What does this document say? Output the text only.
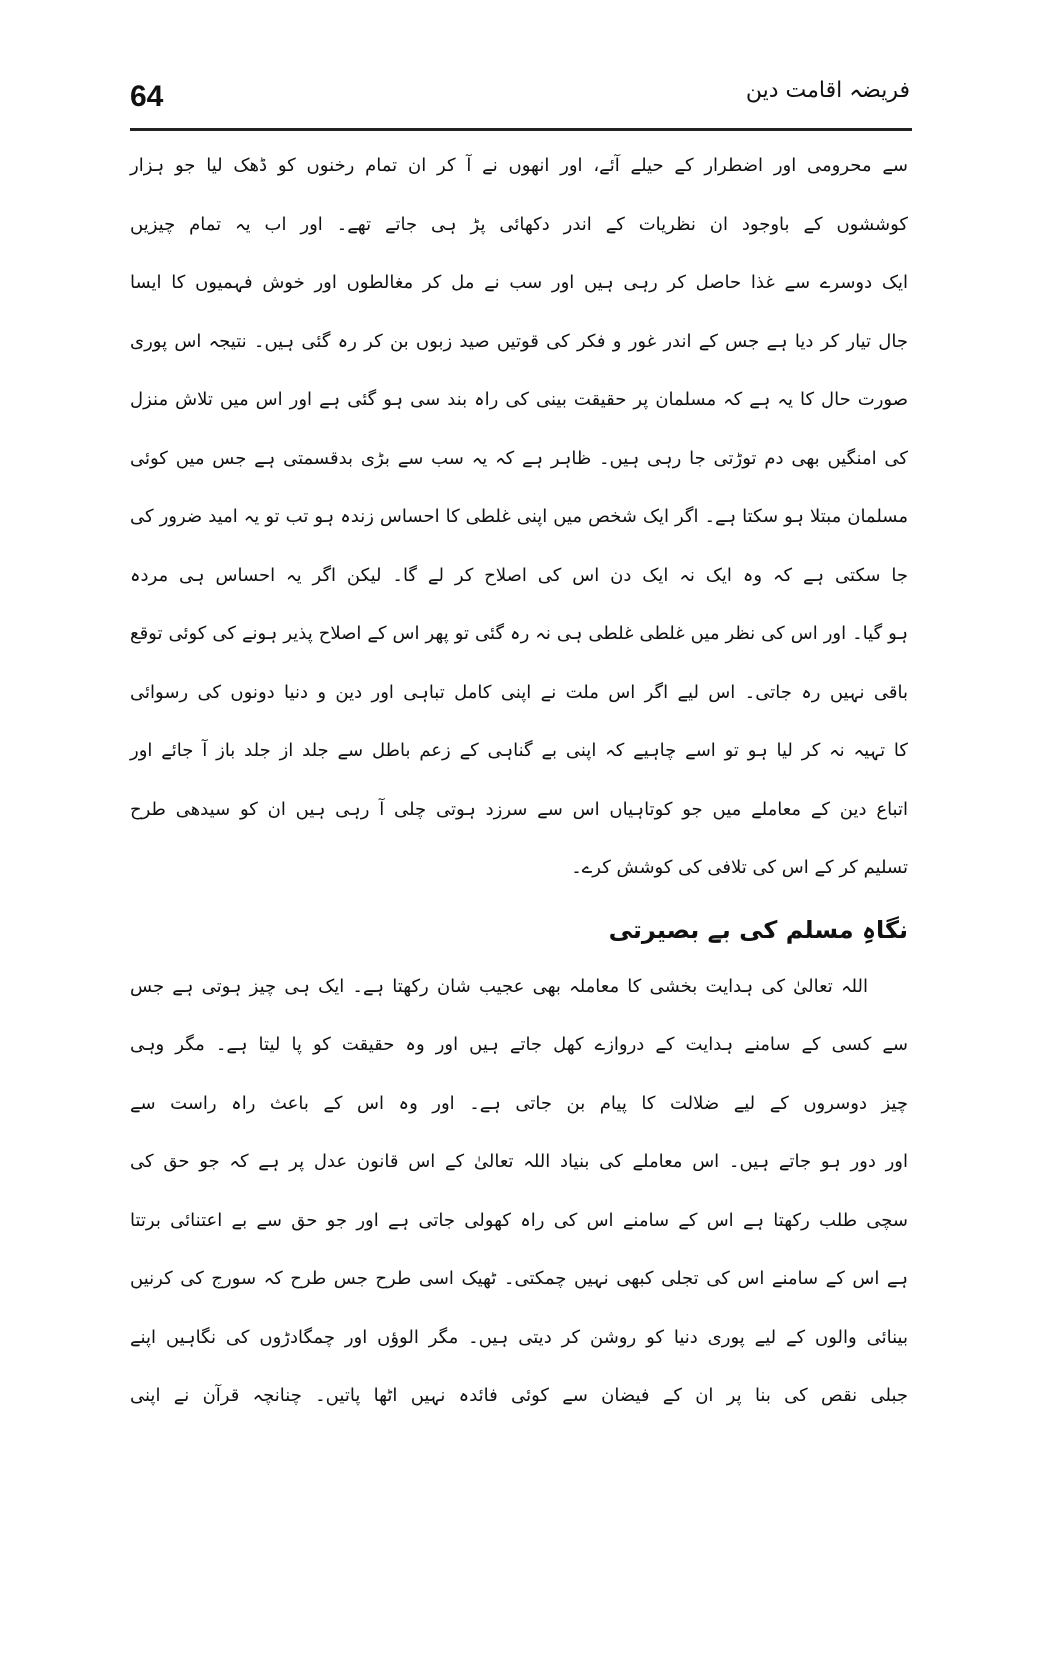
64	فریضہ اقامت دین
سے محرومی اور اضطرار کے حیلے آئے، اور انھوں نے آ کر ان تمام رخنوں کو ڈھک لیا جو ہزار
کوششوں کے باوجود ان نظریات کے اندر دکھائی پڑ ہی جاتے تھے۔ اور اب یہ تمام چیزیں
ایک دوسرے سے غذا حاصل کر رہی ہیں اور سب نے مل کر مغالطوں اور خوش فہمیوں کا ایسا
جال تیار کر دیا ہے جس کے اندر غور و فکر کی قوتیں صید زبوں بن کر رہ گئی ہیں۔ نتیجہ اس پوری
صورت حال کا یہ ہے کہ مسلمان پر حقیقت بینی کی راہ بند سی ہو گئی ہے اور اس میں تلاش منزل
کی امنگیں بھی دم توڑتی جا رہی ہیں۔ ظاہر ہے کہ یہ سب سے بڑی بدقسمتی ہے جس میں کوئی
مسلمان مبتلا ہو سکتا ہے۔ اگر ایک شخص میں اپنی غلطی کا احساس زندہ ہو تب تو یہ امید ضرور کی
جا سکتی ہے کہ وہ ایک نہ ایک دن اس کی اصلاح کر لے گا۔ لیکن اگر یہ احساس ہی مردہ
ہو گیا۔ اور اس کی نظر میں غلطی غلطی ہی نہ رہ گئی تو پھر اس کے اصلاح پذیر ہونے کی کوئی توقع
باقی نہیں رہ جاتی۔ اس لیے اگر اس ملت نے اپنی کامل تباہی اور دین و دنیا دونوں کی رسوائی
کا تہیہ نہ کر لیا ہو تو اسے چاہیے کہ اپنی بے گناہی کے زعم باطل سے جلد از جلد باز آ جائے اور
اتباع دین کے معاملے میں جو کوتاہیاں اس سے سرزد ہوتی چلی آ رہی ہیں ان کو سیدھی طرح
تسلیم کر کے اس کی تلافی کی کوشش کرے۔
نگاہِ مسلم کی بے بصیرتی
اللہ تعالیٰ کی ہدایت بخشی کا معاملہ بھی عجیب شان رکھتا ہے۔ ایک ہی چیز ہوتی ہے جس
سے کسی کے سامنے ہدایت کے دروازے کھل جاتے ہیں اور وہ حقیقت کو پا لیتا ہے۔ مگر وہی
چیز دوسروں کے لیے ضلالت کا پیام بن جاتی ہے۔ اور وہ اس کے باعث راہ راست سے
اور دور ہو جاتے ہیں۔ اس معاملے کی بنیاد اللہ تعالیٰ کے اس قانون عدل پر ہے کہ جو حق کی
سچی طلب رکھتا ہے اس کے سامنے اس کی راہ کھولی جاتی ہے اور جو حق سے بے اعتنائی برتتا
ہے اس کے سامنے اس کی تجلی کبھی نہیں چمکتی۔ ٹھیک اسی طرح جس طرح کہ سورج کی کرنیں
بینائی والوں کے لیے پوری دنیا کو روشن کر دیتی ہیں۔ مگر الوؤں اور چمگادڑوں کی نگاہیں اپنے
جبلی نقص کی بنا پر ان کے فیضان سے کوئی فائدہ نہیں اٹھا پاتیں۔ چنانچہ قرآن نے اپنی
